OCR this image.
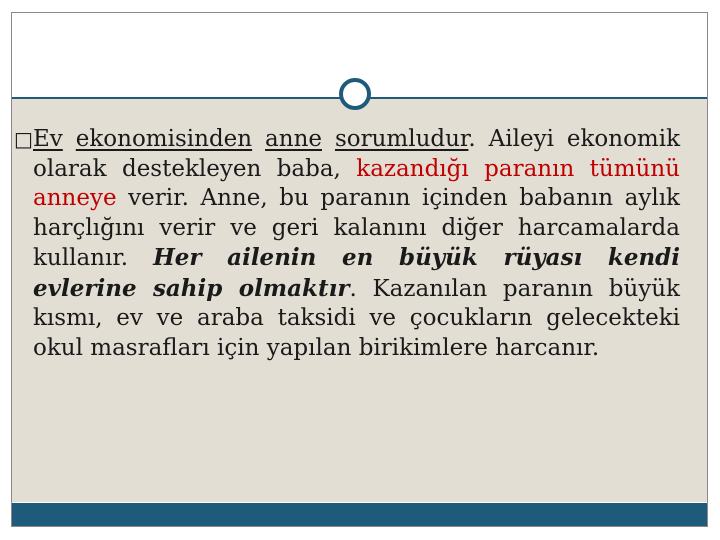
□ Ev ekonomisinden anne sorumludur. Aileyi ekonomik olarak destekleyen baba, kazandığı paranın tümünü anneye verir. Anne, bu paranın içinden babanın aylık harçlığını verir ve geri kalanını diğer harcamalarda kullanır. Her ailenin en büyük rüyası kendi evlerine sahip olmaktır. Kazanılan paranın büyük kısmı, ev ve araba taksidi ve çocukların gelecekteki okul masrafları için yapılan birikimlere harcanır.
